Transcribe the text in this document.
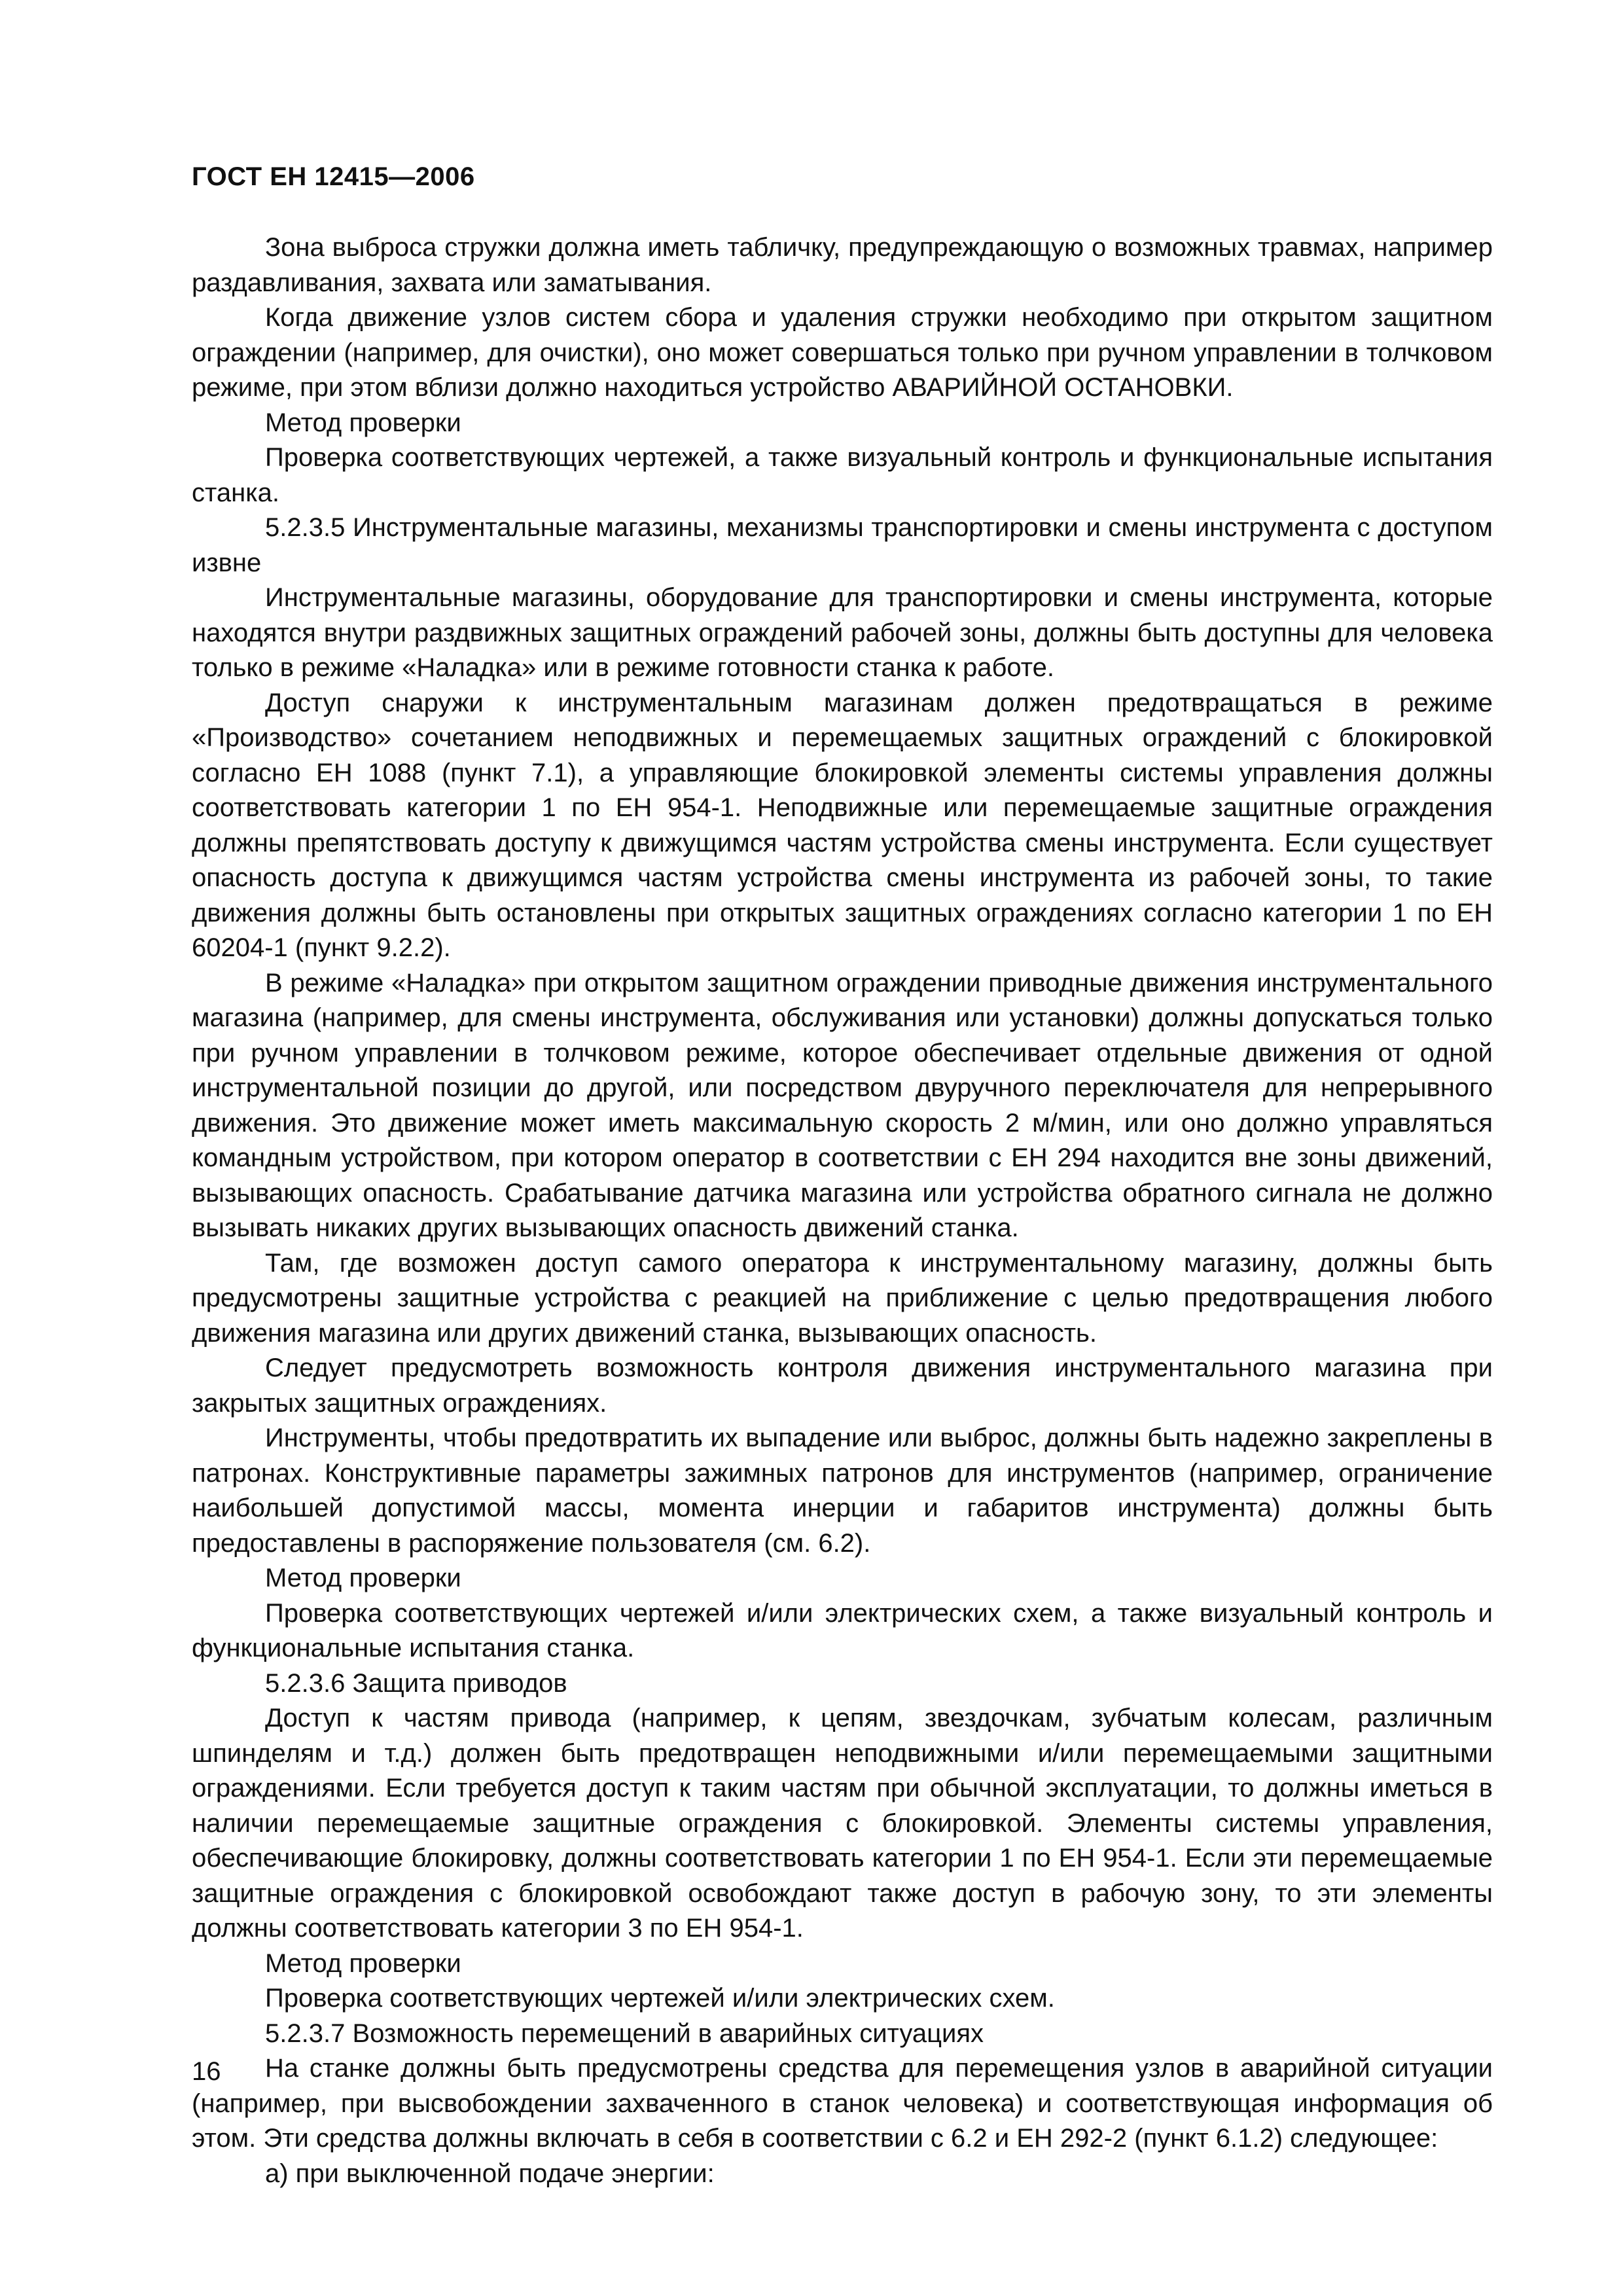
ГОСТ ЕН 12415—2006

Зона выброса стружки должна иметь табличку, предупреждающую о возможных травмах, например раздавливания, захвата или заматывания.

Когда движение узлов систем сбора и удаления стружки необходимо при открытом защитном ограждении (например, для очистки), оно может совершаться только при ручном управлении в толчковом режиме, при этом вблизи должно находиться устройство АВАРИЙНОЙ ОСТАНОВКИ.

Метод проверки

Проверка соответствующих чертежей, а также визуальный контроль и функциональные испытания станка.

5.2.3.5 Инструментальные магазины, механизмы транспортировки и смены инструмента с доступом извне

Инструментальные магазины, оборудование для транспортировки и смены инструмента, которые находятся внутри раздвижных защитных ограждений рабочей зоны, должны быть доступны для человека только в режиме «Наладка» или в режиме готовности станка к работе.

Доступ снаружи к инструментальным магазинам должен предотвращаться в режиме «Производство» сочетанием неподвижных и перемещаемых защитных ограждений с блокировкой согласно ЕН 1088 (пункт 7.1), а управляющие блокировкой элементы системы управления должны соответствовать категории 1 по ЕН 954-1. Неподвижные или перемещаемые защитные ограждения должны препятствовать доступу к движущимся частям устройства смены инструмента. Если существует опасность доступа к движущимся частям устройства смены инструмента из рабочей зоны, то такие движения должны быть остановлены при открытых защитных ограждениях согласно категории 1 по ЕН 60204-1 (пункт 9.2.2).

В режиме «Наладка» при открытом защитном ограждении приводные движения инструментального магазина (например, для смены инструмента, обслуживания или установки) должны допускаться только при ручном управлении в толчковом режиме, которое обеспечивает отдельные движения от одной инструментальной позиции до другой, или посредством двуручного переключателя для непрерывного движения. Это движение может иметь максимальную скорость 2 м/мин, или оно должно управляться командным устройством, при котором оператор в соответствии с ЕН 294 находится вне зоны движений, вызывающих опасность. Срабатывание датчика магазина или устройства обратного сигнала не должно вызывать никаких других вызывающих опасность движений станка.

Там, где возможен доступ самого оператора к инструментальному магазину, должны быть предусмотрены защитные устройства с реакцией на приближение с целью предотвращения любого движения магазина или других движений станка, вызывающих опасность.

Следует предусмотреть возможность контроля движения инструментального магазина при закрытых защитных ограждениях.

Инструменты, чтобы предотвратить их выпадение или выброс, должны быть надежно закреплены в патронах. Конструктивные параметры зажимных патронов для инструментов (например, ограничение наибольшей допустимой массы, момента инерции и габаритов инструмента) должны быть предоставлены в распоряжение пользователя (см. 6.2).

Метод проверки

Проверка соответствующих чертежей и/или электрических схем, а также визуальный контроль и функциональные испытания станка.

5.2.3.6 Защита приводов

Доступ к частям привода (например, к цепям, звездочкам, зубчатым колесам, различным шпинделям и т.д.) должен быть предотвращен неподвижными и/или перемещаемыми защитными ограждениями. Если требуется доступ к таким частям при обычной эксплуатации, то должны иметься в наличии перемещаемые защитные ограждения с блокировкой. Элементы системы управления, обеспечивающие блокировку, должны соответствовать категории 1 по ЕН 954-1. Если эти перемещаемые защитные ограждения с блокировкой освобождают также доступ в рабочую зону, то эти элементы должны соответствовать категории 3 по ЕН 954-1.

Метод проверки

Проверка соответствующих чертежей и/или электрических схем.

5.2.3.7 Возможность перемещений в аварийных ситуациях

На станке должны быть предусмотрены средства для перемещения узлов в аварийной ситуации (например, при высвобождении захваченного в станок человека) и соответствующая информация об этом. Эти средства должны включать в себя в соответствии с 6.2 и ЕН 292-2 (пункт 6.1.2) следующее:

а) при выключенной подаче энергии:

16
